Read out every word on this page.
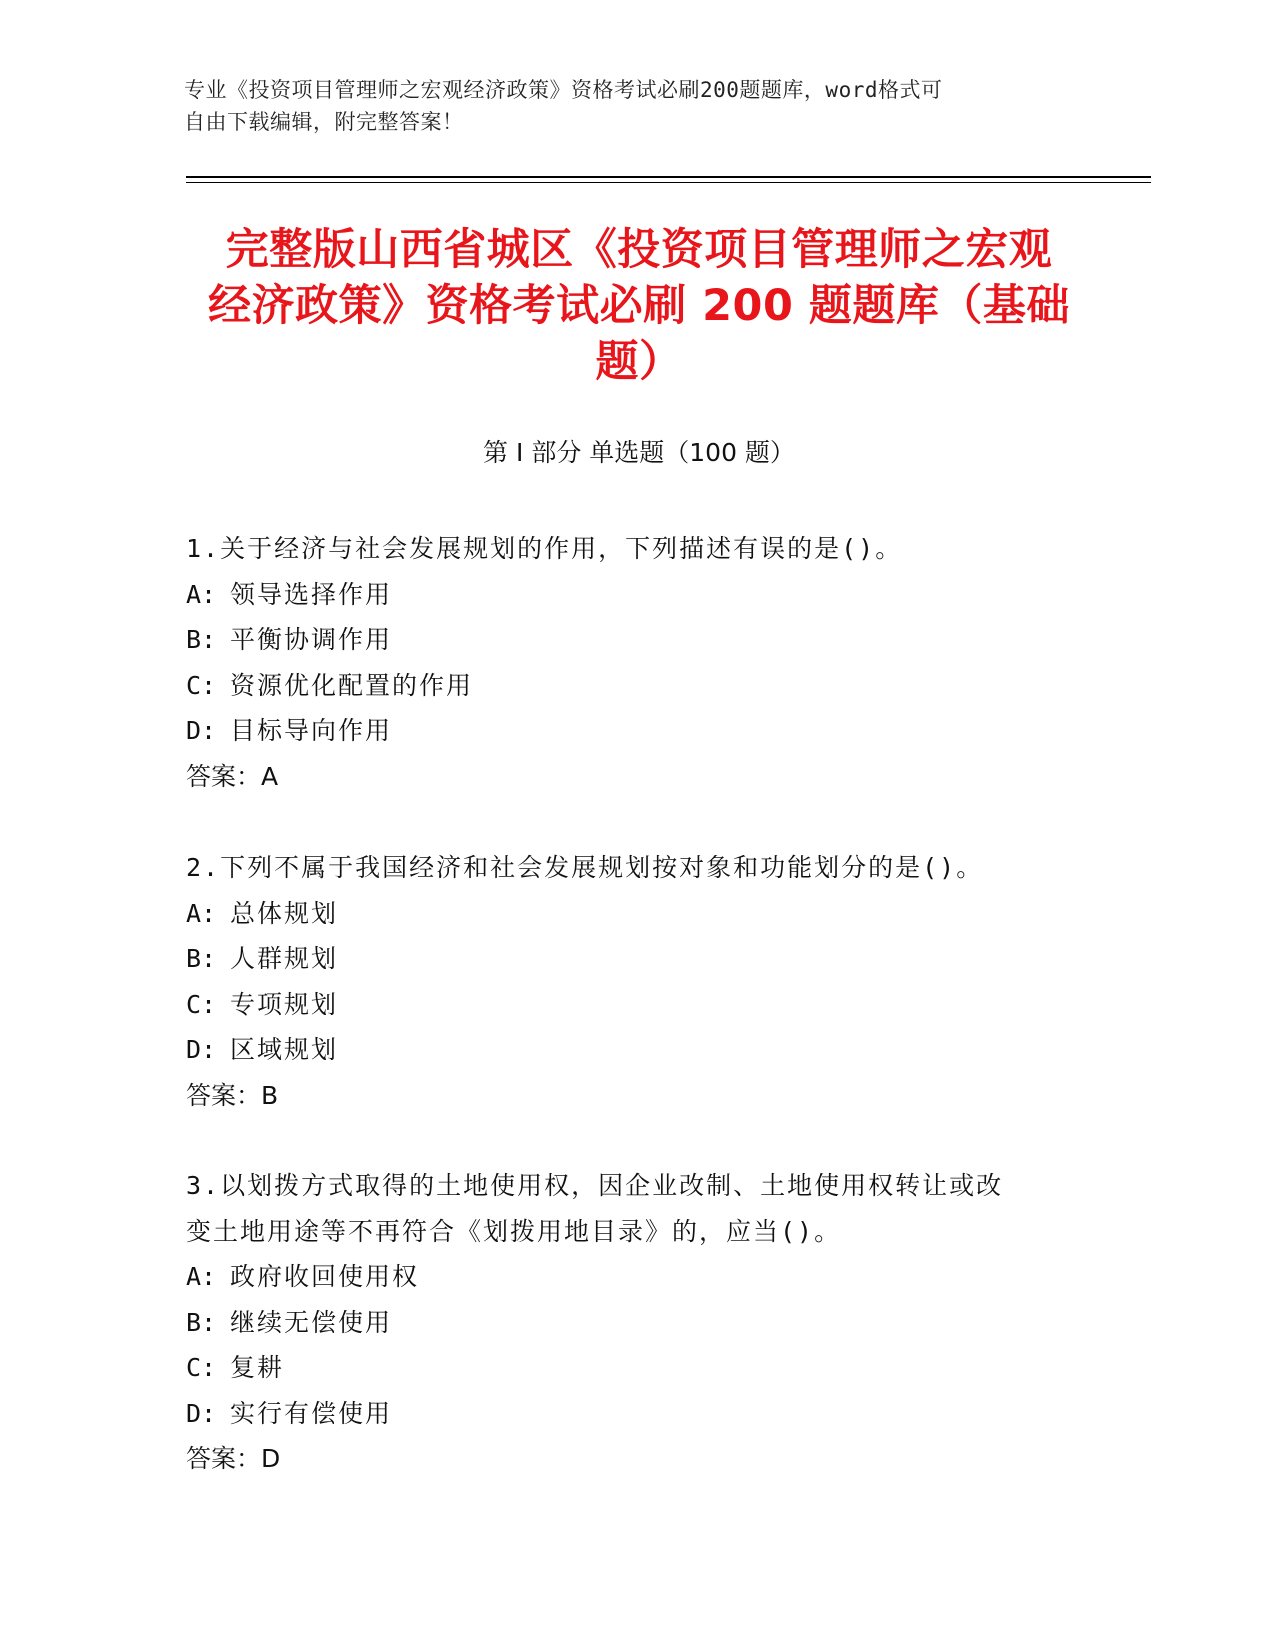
专业《投资项目管理师之宏观经济政策》资格考试必刷200题题库，word格式可
自由下载编辑，附完整答案！
完整版山西省城区《投资项目管理师之宏观
经济政策》资格考试必刷 200 题题库（基础
题）
第 I 部分 单选题（100 题）
1.关于经济与社会发展规划的作用，下列描述有误的是()。
A: 领导选择作用
B: 平衡协调作用
C: 资源优化配置的作用
D: 目标导向作用
答案：A
2.下列不属于我国经济和社会发展规划按对象和功能划分的是()。
A: 总体规划
B: 人群规划
C: 专项规划
D: 区域规划
答案：B
3.以划拨方式取得的土地使用权，因企业改制、土地使用权转让或改
变土地用途等不再符合《划拨用地目录》的，应当()。
A: 政府收回使用权
B: 继续无偿使用
C: 复耕
D: 实行有偿使用
答案：D
